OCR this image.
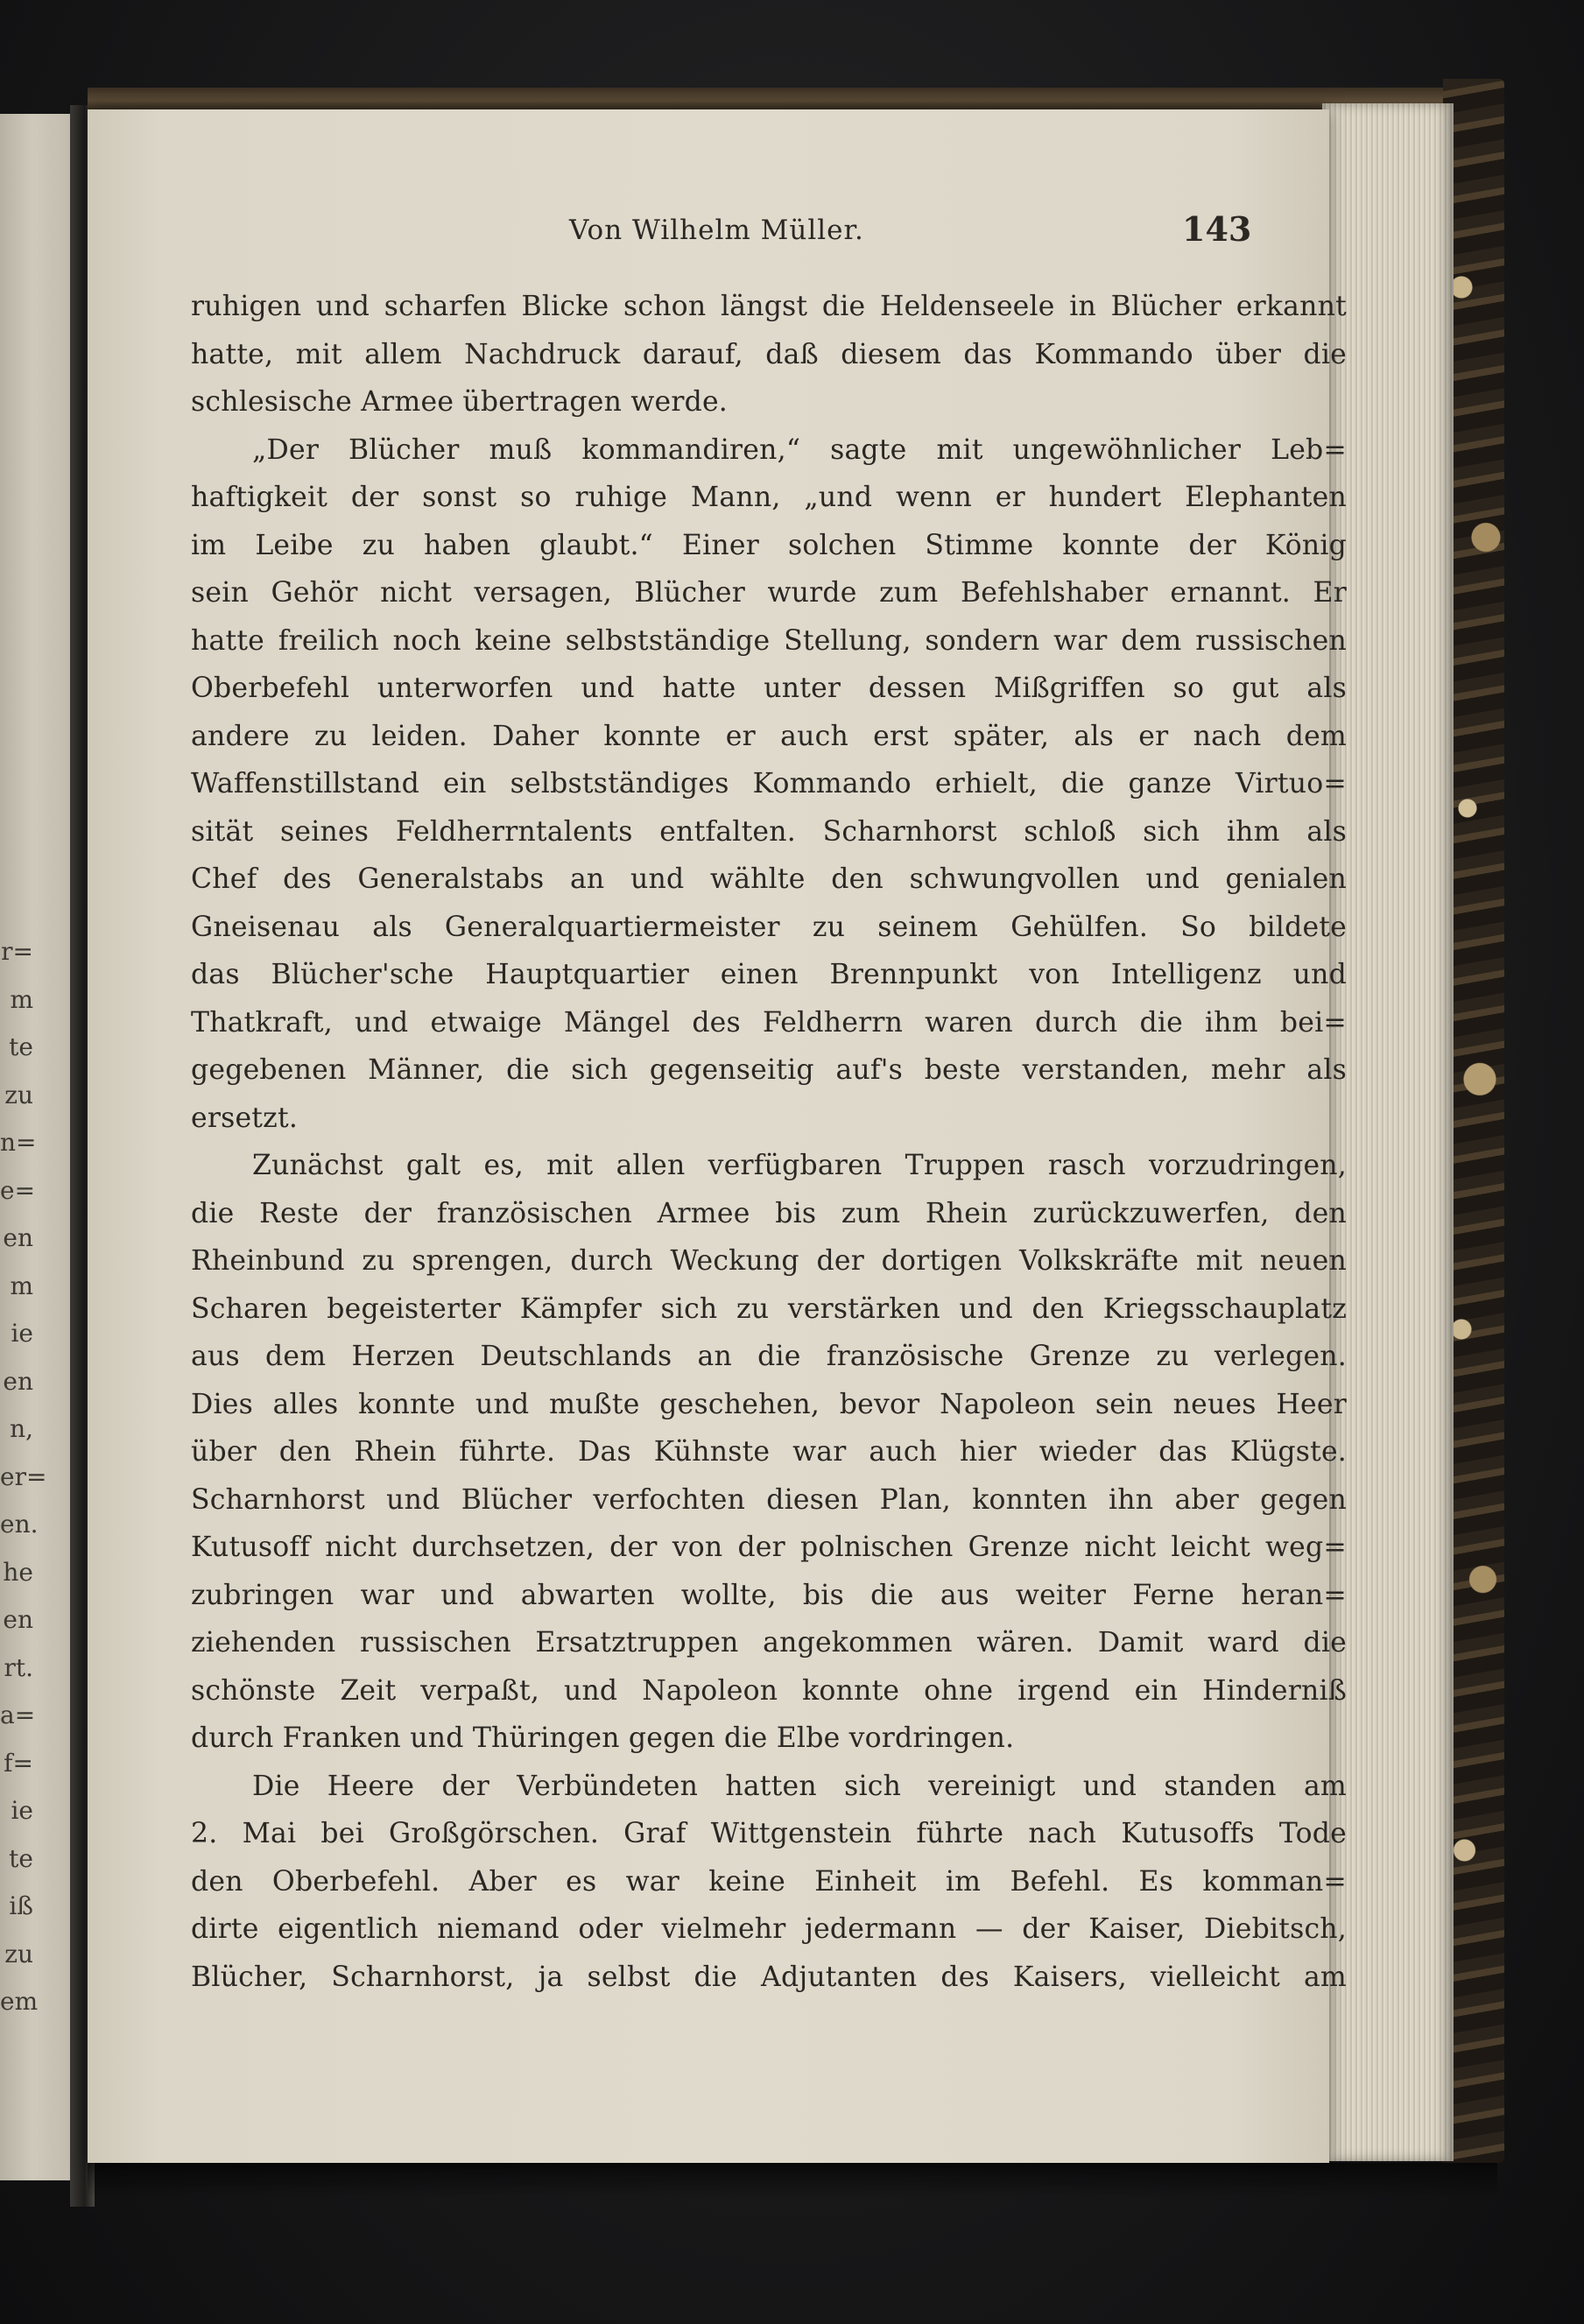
r=
m
te
zu
n=
e=
en
m
ie
en
n,
er=
en.
he
en
rt.
a=
f=
ie
te
iß
zu
em
Von Wilhelm Müller.	143
ruhigen und scharfen Blicke schon längst die Heldenseele in Blücher erkannt
hatte, mit allem Nachdruck darauf, daß diesem das Kommando über die
schlesische Armee übertragen werde.
„Der Blücher muß kommandiren,“ sagte mit ungewöhnlicher Leb=
haftigkeit der sonst so ruhige Mann, „und wenn er hundert Elephanten
im Leibe zu haben glaubt.“ Einer solchen Stimme konnte der König
sein Gehör nicht versagen, Blücher wurde zum Befehlshaber ernannt. Er
hatte freilich noch keine selbstständige Stellung, sondern war dem russischen
Oberbefehl unterworfen und hatte unter dessen Mißgriffen so gut als
andere zu leiden. Daher konnte er auch erst später, als er nach dem
Waffenstillstand ein selbstständiges Kommando erhielt, die ganze Virtuo=
sität seines Feldherrntalents entfalten. Scharnhorst schloß sich ihm als
Chef des Generalstabs an und wählte den schwungvollen und genialen
Gneisenau als Generalquartiermeister zu seinem Gehülfen. So bildete
das Blücher'sche Hauptquartier einen Brennpunkt von Intelligenz und
Thatkraft, und etwaige Mängel des Feldherrn waren durch die ihm bei=
gegebenen Männer, die sich gegenseitig auf's beste verstanden, mehr als
ersetzt.
Zunächst galt es, mit allen verfügbaren Truppen rasch vorzudringen,
die Reste der französischen Armee bis zum Rhein zurückzuwerfen, den
Rheinbund zu sprengen, durch Weckung der dortigen Volkskräfte mit neuen
Scharen begeisterter Kämpfer sich zu verstärken und den Kriegsschauplatz
aus dem Herzen Deutschlands an die französische Grenze zu verlegen.
Dies alles konnte und mußte geschehen, bevor Napoleon sein neues Heer
über den Rhein führte. Das Kühnste war auch hier wieder das Klügste.
Scharnhorst und Blücher verfochten diesen Plan, konnten ihn aber gegen
Kutusoff nicht durchsetzen, der von der polnischen Grenze nicht leicht weg=
zubringen war und abwarten wollte, bis die aus weiter Ferne heran=
ziehenden russischen Ersatztruppen angekommen wären. Damit ward die
schönste Zeit verpaßt, und Napoleon konnte ohne irgend ein Hinderniß
durch Franken und Thüringen gegen die Elbe vordringen.
Die Heere der Verbündeten hatten sich vereinigt und standen am
2. Mai bei Großgörschen. Graf Wittgenstein führte nach Kutusoffs Tode
den Oberbefehl. Aber es war keine Einheit im Befehl. Es komman=
dirte eigentlich niemand oder vielmehr jedermann — der Kaiser, Diebitsch,
Blücher, Scharnhorst, ja selbst die Adjutanten des Kaisers, vielleicht am
